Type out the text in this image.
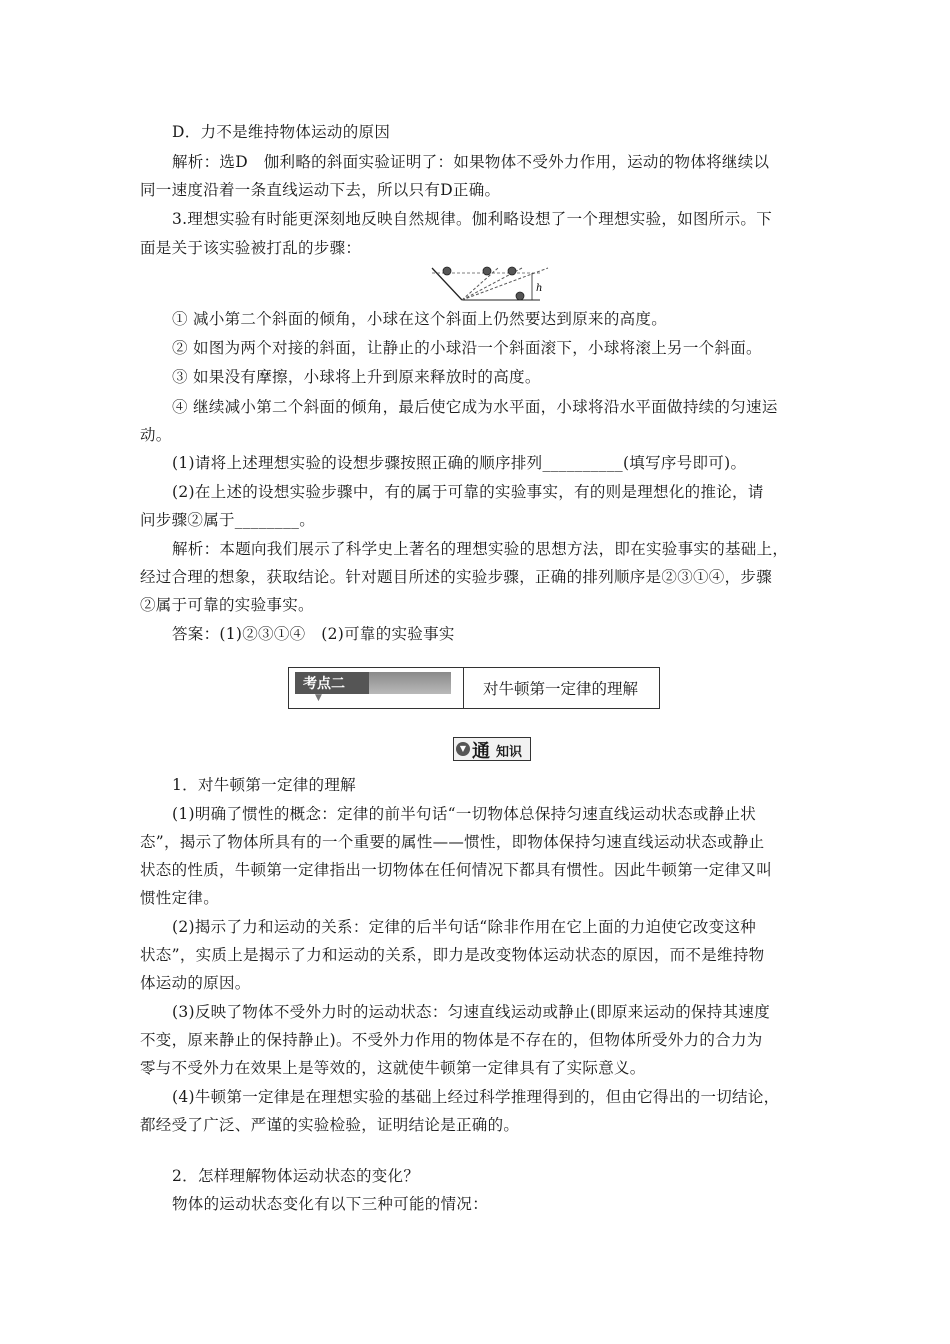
D．力不是维持物体运动的原因
解析：选D　伽利略的斜面实验证明了：如果物体不受外力作用，运动的物体将继续以
同一速度沿着一条直线运动下去，所以只有D正确。
3.理想实验有时能更深刻地反映自然规律。伽利略设想了一个理想实验，如图所示。下
面是关于该实验被打乱的步骤：
h
① 减小第二个斜面的倾角，小球在这个斜面上仍然要达到原来的高度。
② 如图为两个对接的斜面，让静止的小球沿一个斜面滚下，小球将滚上另一个斜面。
③ 如果没有摩擦，小球将上升到原来释放时的高度。
④ 继续减小第二个斜面的倾角，最后使它成为水平面，小球将沿水平面做持续的匀速运
动。
(1)请将上述理想实验的设想步骤按照正确的顺序排列__________(填写序号即可)。
(2)在上述的设想实验步骤中，有的属于可靠的实验事实，有的则是理想化的推论，请
问步骤②属于________。
解析：本题向我们展示了科学史上著名的理想实验的思想方法，即在实验事实的基础上，
经过合理的想象，获取结论。针对题目所述的实验步骤，正确的排列顺序是②③①④，步骤
②属于可靠的实验事实。
答案：(1)②③①④　(2)可靠的实验事实
考点二
▼	对牛顿第一定律的理解
▼ 通 知识
1．对牛顿第一定律的理解
(1)明确了惯性的概念：定律的前半句话“一切物体总保持匀速直线运动状态或静止状
态”，揭示了物体所具有的一个重要的属性——惯性，即物体保持匀速直线运动状态或静止
状态的性质，牛顿第一定律指出一切物体在任何情况下都具有惯性。因此牛顿第一定律又叫
惯性定律。
(2)揭示了力和运动的关系：定律的后半句话“除非作用在它上面的力迫使它改变这种
状态”，实质上是揭示了力和运动的关系，即力是改变物体运动状态的原因，而不是维持物
体运动的原因。
(3)反映了物体不受外力时的运动状态：匀速直线运动或静止(即原来运动的保持其速度
不变，原来静止的保持静止)。不受外力作用的物体是不存在的，但物体所受外力的合力为
零与不受外力在效果上是等效的，这就使牛顿第一定律具有了实际意义。
(4)牛顿第一定律是在理想实验的基础上经过科学推理得到的，但由它得出的一切结论，
都经受了广泛、严谨的实验检验，证明结论是正确的。
2．怎样理解物体运动状态的变化？
物体的运动状态变化有以下三种可能的情况：
